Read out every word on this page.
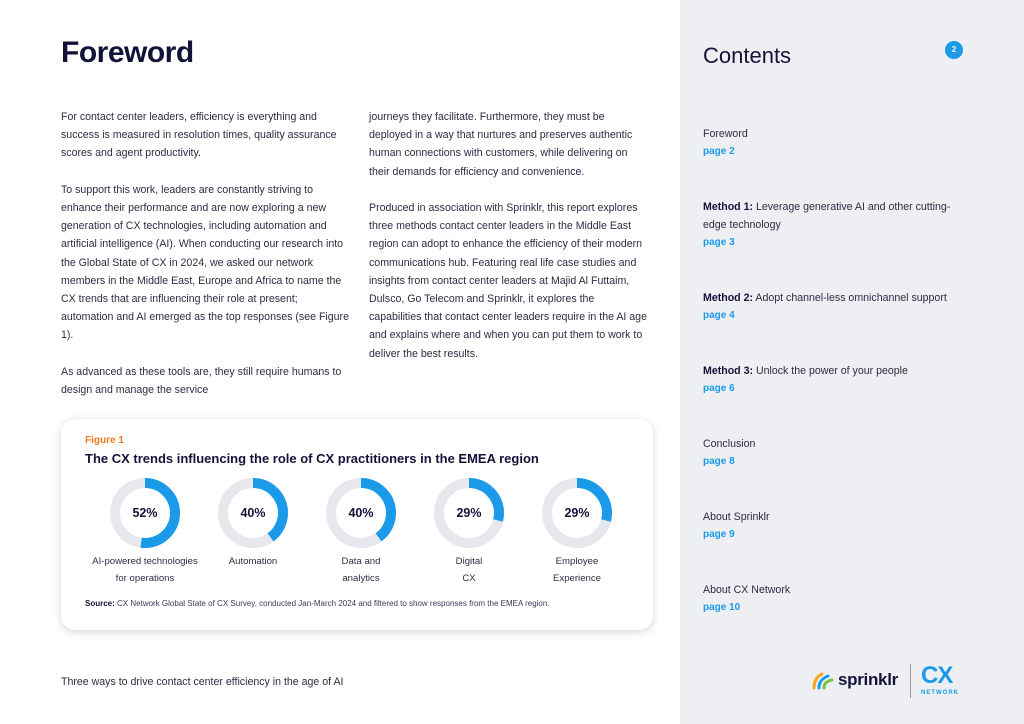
Foreword

For contact center leaders, efficiency is everything and success is measured in resolution times, quality assurance scores and agent productivity.

To support this work, leaders are constantly striving to enhance their performance and are now exploring a new generation of CX technologies, including automation and artificial intelligence (AI). When conducting our research into the Global State of CX in 2024, we asked our network members in the Middle East, Europe and Africa to name the CX trends that are influencing their role at present; automation and AI emerged as the top responses (see Figure 1).

As advanced as these tools are, they still require humans to design and manage the service

journeys they facilitate. Furthermore, they must be deployed in a way that nurtures and preserves authentic human connections with customers, while delivering on their demands for efficiency and convenience.

Produced in association with Sprinklr, this report explores three methods contact center leaders in the Middle East region can adopt to enhance the efficiency of their modern communications hub. Featuring real life case studies and insights from contact center leaders at Majid Al Futtaim, Dulsco, Go Telecom and Sprinklr, it explores the capabilities that contact center leaders require in the AI age and explains where and when you can put them to work to deliver the best results.

Figure 1
The CX trends influencing the role of CX practitioners in the EMEA region
52%
AI-powered technologies
for operations
40%
Automation
40%
Data and
analytics
29%
Digital
CX
29%
Employee
Experience
Source: CX Network Global State of CX Survey, conducted Jan-March 2024 and filtered to show responses from the EMEA region.
Three ways to drive contact center efficiency in the age of AI
Contents	2
Foreword
page 2
Method 1: Leverage generative AI and other cutting-edge technology
page 3
Method 2: Adopt channel-less omnichannel support
page 4
Method 3: Unlock the power of your people
page 6
Conclusion
page 8
About Sprinklr
page 9
About CX Network
page 10
sprinklr CX
NETWORK
